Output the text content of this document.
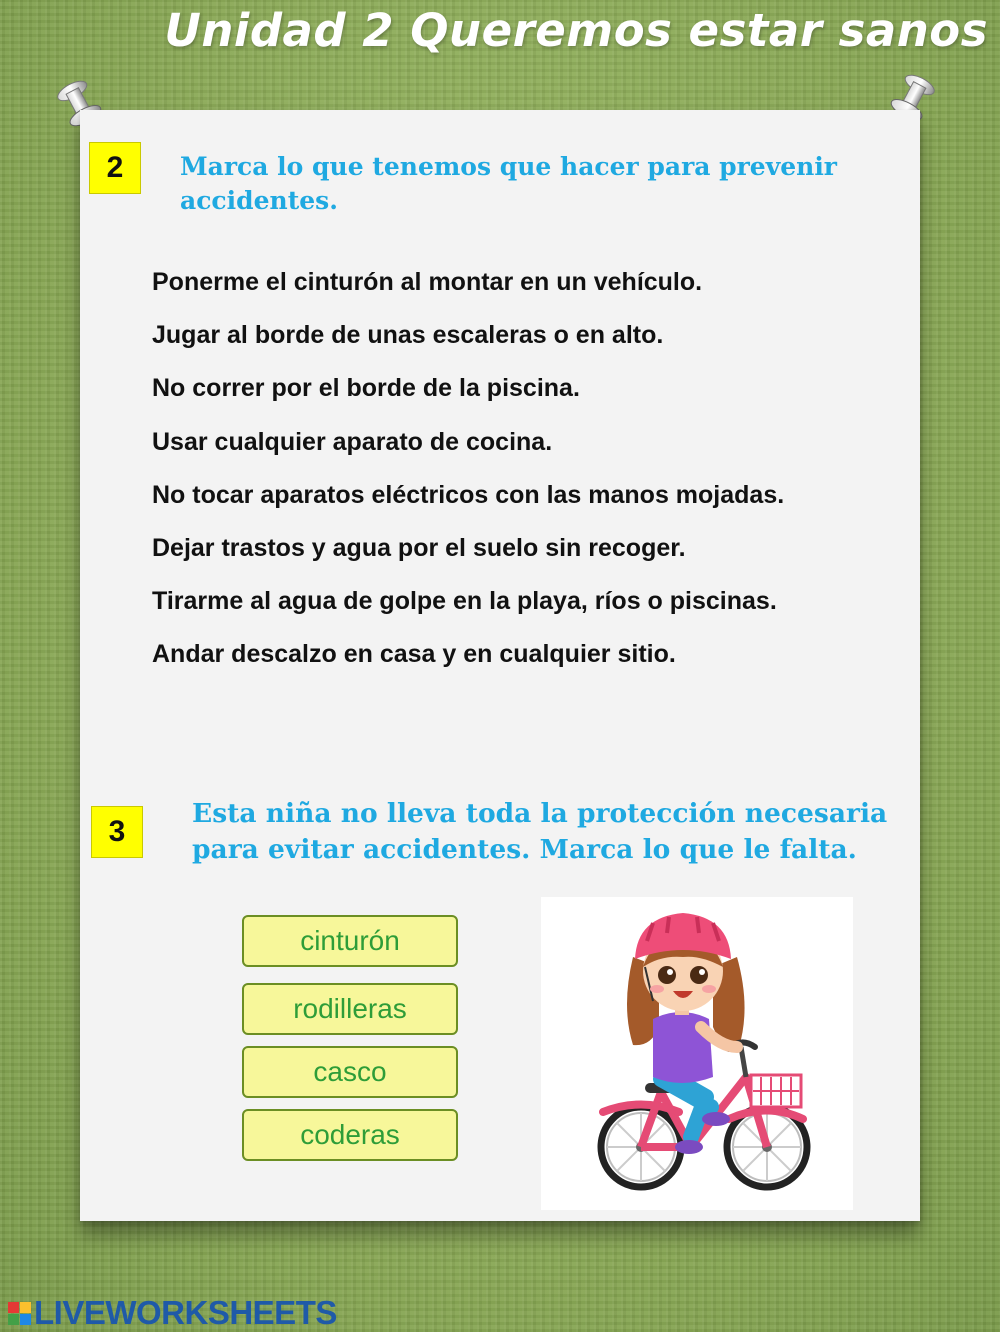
Unidad 2 Queremos estar sanos
2	Marca lo que tenemos que hacer para prevenir accidentes.

Ponerme el cinturón al montar en un vehículo.
Jugar al borde de unas escaleras o en alto.
No correr por el borde de la piscina.
Usar cualquier aparato de cocina.
No tocar aparatos eléctricos con las manos mojadas.
Dejar trastos y agua por el suelo sin recoger.
Tirarme al agua de golpe en la playa, ríos o piscinas.
Andar descalzo en casa y en cualquier sitio.
3

Esta niña no lleva toda la protección necesaria para evitar accidentes. Marca lo que le falta.

cinturón
rodilleras
casco
coderas
LIVEWORKSHEETS
